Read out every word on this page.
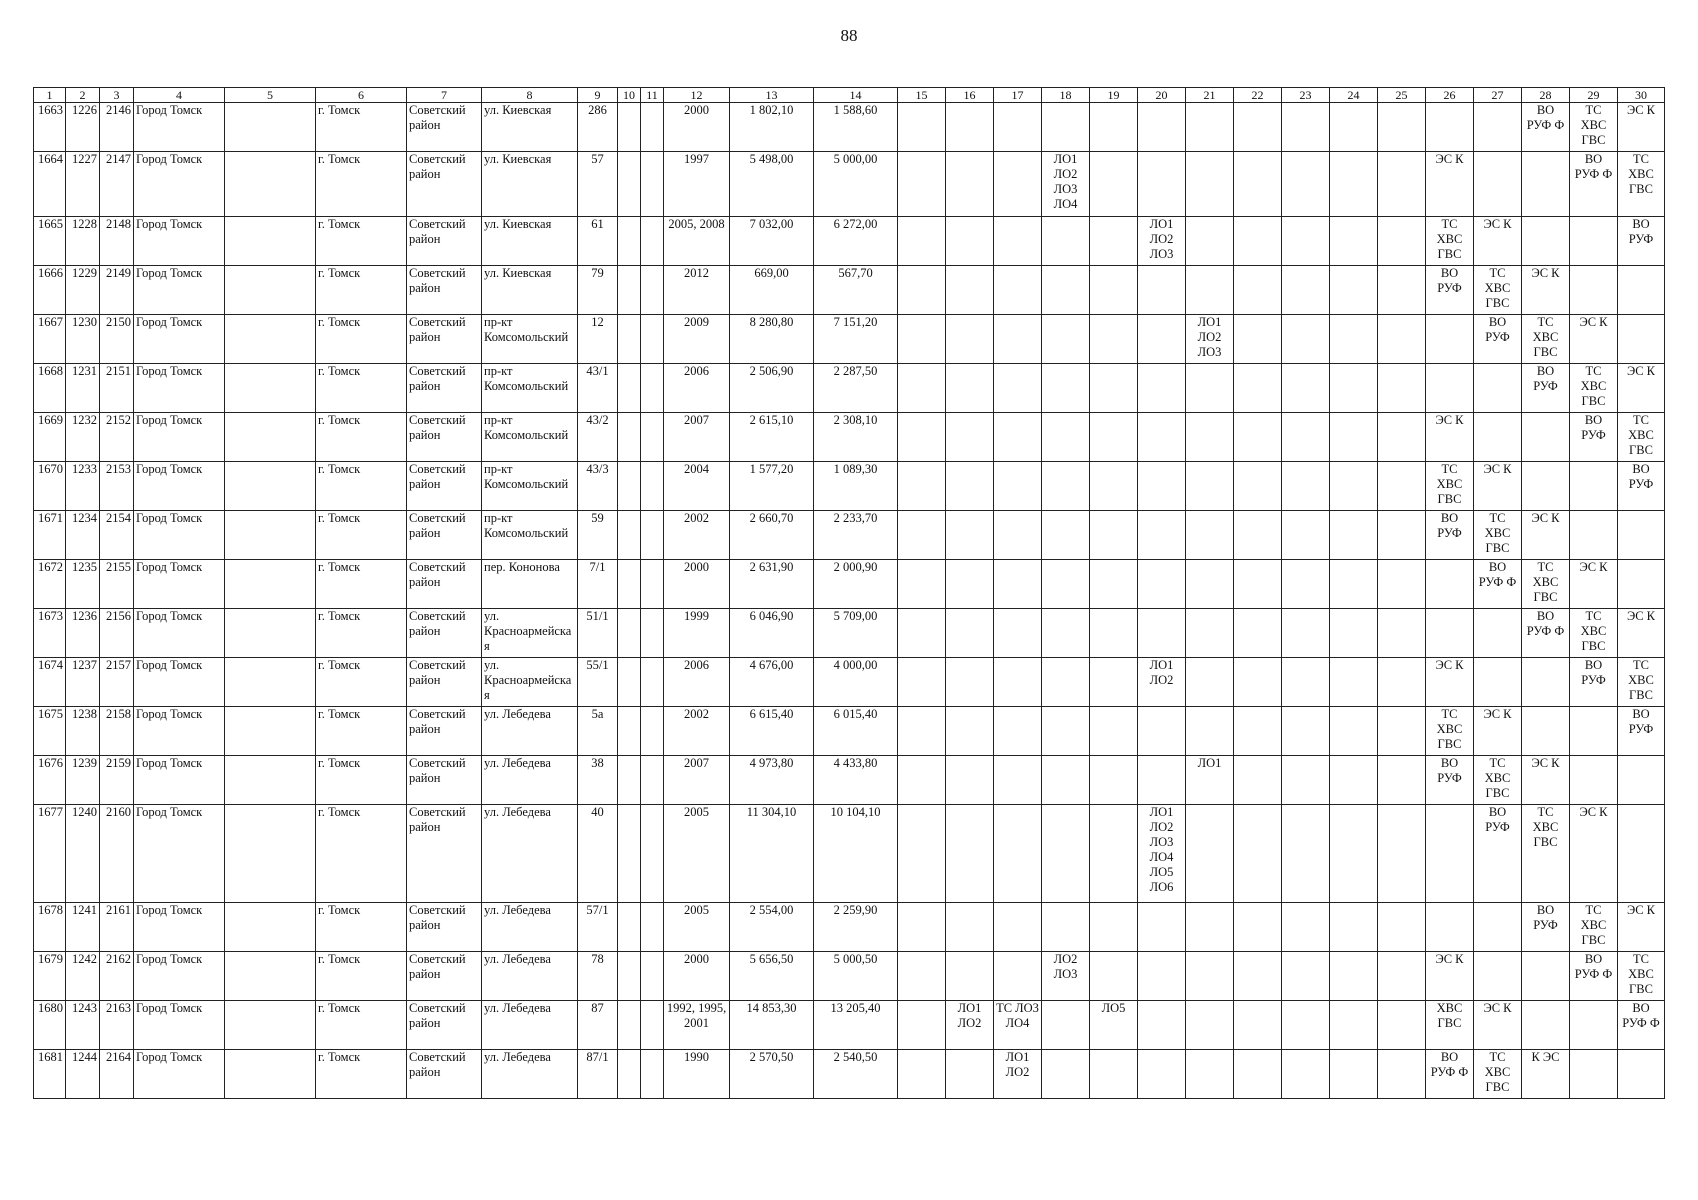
88
1	2	3	4	5	6	7	8	9	10	11	12	13	14	15	16	17	18	19	20	21	22	23	24	25	26	27	28	29	30
1663	1226	2146	Город Томск		г. Томск	Советский район	ул. Киевская	286			2000	1 802,10	1 588,60														ВО РУФ Ф	ТС ХВС ГВС	ЭС К
1664	1227	2147	Город Томск		г. Томск	Советский район	ул. Киевская	57			1997	5 498,00	5 000,00				ЛО1 ЛО2 ЛО3 ЛО4								ЭС К			ВО РУФ Ф	ТС ХВС ГВС
1665	1228	2148	Город Томск		г. Томск	Советский район	ул. Киевская	61			2005, 2008	7 032,00	6 272,00						ЛО1 ЛО2 ЛО3						ТС ХВС ГВС	ЭС К			ВО РУФ
1666	1229	2149	Город Томск		г. Томск	Советский район	ул. Киевская	79			2012	669,00	567,70												ВО РУФ	ТС ХВС ГВС	ЭС К		
1667	1230	2150	Город Томск		г. Томск	Советский район	пр-кт Комсомольский	12			2009	8 280,80	7 151,20							ЛО1 ЛО2 ЛО3						ВО РУФ	ТС ХВС ГВС	ЭС К	
1668	1231	2151	Город Томск		г. Томск	Советский район	пр-кт Комсомольский	43/1			2006	2 506,90	2 287,50														ВО РУФ	ТС ХВС ГВС	ЭС К
1669	1232	2152	Город Томск		г. Томск	Советский район	пр-кт Комсомольский	43/2			2007	2 615,10	2 308,10												ЭС К			ВО РУФ	ТС ХВС ГВС
1670	1233	2153	Город Томск		г. Томск	Советский район	пр-кт Комсомольский	43/3			2004	1 577,20	1 089,30												ТС ХВС ГВС	ЭС К			ВО РУФ
1671	1234	2154	Город Томск		г. Томск	Советский район	пр-кт Комсомольский	59			2002	2 660,70	2 233,70												ВО РУФ	ТС ХВС ГВС	ЭС К		
1672	1235	2155	Город Томск		г. Томск	Советский район	пер. Кононова	7/1			2000	2 631,90	2 000,90													ВО РУФ Ф	ТС ХВС ГВС	ЭС К	
1673	1236	2156	Город Томск		г. Томск	Советский район	ул. Красноармейская	51/1			1999	6 046,90	5 709,00														ВО РУФ Ф	ТС ХВС ГВС	ЭС К
1674	1237	2157	Город Томск		г. Томск	Советский район	ул. Красноармейская	55/1			2006	4 676,00	4 000,00						ЛО1 ЛО2						ЭС К			ВО РУФ	ТС ХВС ГВС
1675	1238	2158	Город Томск		г. Томск	Советский район	ул. Лебедева	5а			2002	6 615,40	6 015,40												ТС ХВС ГВС	ЭС К			ВО РУФ
1676	1239	2159	Город Томск		г. Томск	Советский район	ул. Лебедева	38			2007	4 973,80	4 433,80							ЛО1					ВО РУФ	ТС ХВС ГВС	ЭС К		
1677	1240	2160	Город Томск		г. Томск	Советский район	ул. Лебедева	40			2005	11 304,10	10 104,10						ЛО1 ЛО2 ЛО3 ЛО4 ЛО5 ЛО6							ВО РУФ	ТС ХВС ГВС	ЭС К	
1678	1241	2161	Город Томск		г. Томск	Советский район	ул. Лебедева	57/1			2005	2 554,00	2 259,90														ВО РУФ	ТС ХВС ГВС	ЭС К
1679	1242	2162	Город Томск		г. Томск	Советский район	ул. Лебедева	78			2000	5 656,50	5 000,50				ЛО2 ЛО3								ЭС К			ВО РУФ Ф	ТС ХВС ГВС
1680	1243	2163	Город Томск		г. Томск	Советский район	ул. Лебедева	87			1992, 1995, 2001	14 853,30	13 205,40		ЛО1 ЛО2	ТС ЛО3 ЛО4		ЛО5							ХВС ГВС	ЭС К			ВО РУФ Ф
1681	1244	2164	Город Томск		г. Томск	Советский район	ул. Лебедева	87/1			1990	2 570,50	2 540,50			ЛО1 ЛО2									ВО РУФ Ф	ТС ХВС ГВС	К ЭС		
